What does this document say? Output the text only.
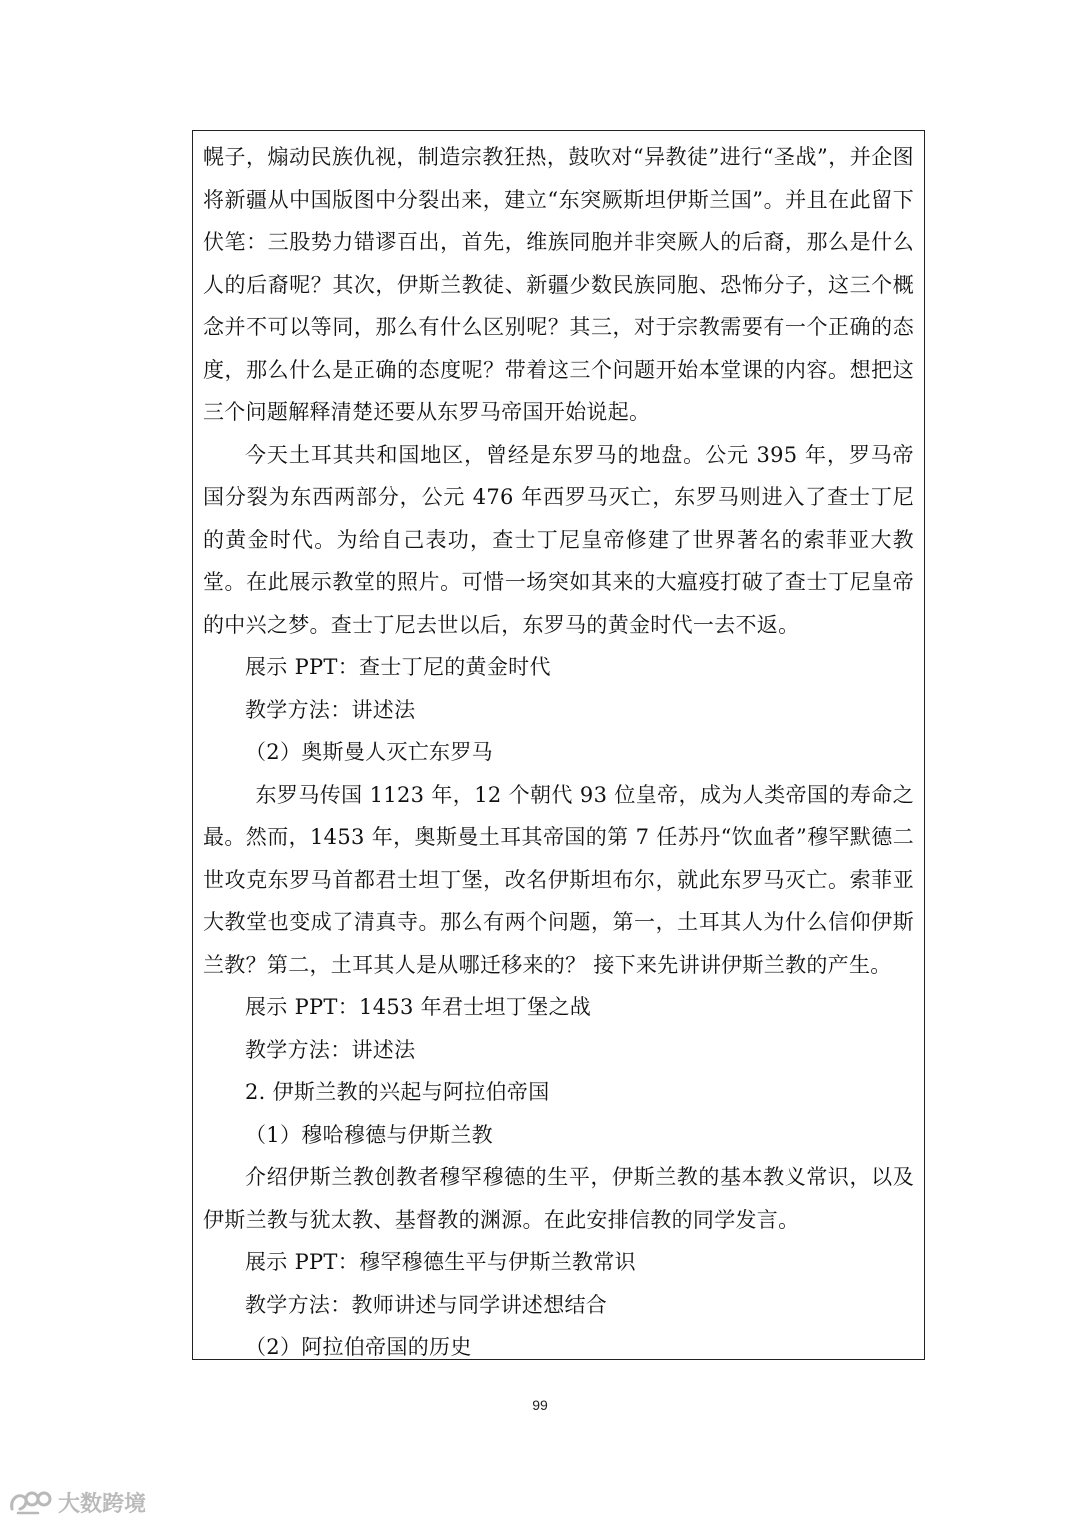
幌子，煽动民族仇视，制造宗教狂热，鼓吹对“异教徒”进行“圣战”，并企图将新疆从中国版图中分裂出来，建立“东突厥斯坦伊斯兰国”。并且在此留下伏笔：三股势力错谬百出，首先，维族同胞并非突厥人的后裔，那么是什么人的后裔呢？其次，伊斯兰教徒、新疆少数民族同胞、恐怖分子，这三个概念并不可以等同，那么有什么区别呢？其三，对于宗教需要有一个正确的态度，那么什么是正确的态度呢？带着这三个问题开始本堂课的内容。想把这三个问题解释清楚还要从东罗马帝国开始说起。

今天土耳其共和国地区，曾经是东罗马的地盘。公元 395 年，罗马帝国分裂为东西两部分，公元 476 年西罗马灭亡，东罗马则进入了查士丁尼的黄金时代。为给自己表功，查士丁尼皇帝修建了世界著名的索菲亚大教堂。在此展示教堂的照片。可惜一场突如其来的大瘟疫打破了查士丁尼皇帝的中兴之梦。查士丁尼去世以后，东罗马的黄金时代一去不返。

展示 PPT：查士丁尼的黄金时代

教学方法：讲述法

（2）奥斯曼人灭亡东罗马

东罗马传国 1123 年，12 个朝代 93 位皇帝，成为人类帝国的寿命之最。然而，1453 年，奥斯曼土耳其帝国的第 7 任苏丹“饮血者”穆罕默德二世攻克东罗马首都君士坦丁堡，改名伊斯坦布尔，就此东罗马灭亡。索菲亚大教堂也变成了清真寺。那么有两个问题，第一，土耳其人为什么信仰伊斯兰教？第二，土耳其人是从哪迁移来的？ 接下来先讲讲伊斯兰教的产生。

展示 PPT：1453 年君士坦丁堡之战

教学方法：讲述法

2. 伊斯兰教的兴起与阿拉伯帝国

（1）穆哈穆德与伊斯兰教

介绍伊斯兰教创教者穆罕穆德的生平，伊斯兰教的基本教义常识，以及伊斯兰教与犹太教、基督教的渊源。在此安排信教的同学发言。

展示 PPT：穆罕穆德生平与伊斯兰教常识

教学方法：教师讲述与同学讲述想结合

（2）阿拉伯帝国的历史

99
大数跨境
